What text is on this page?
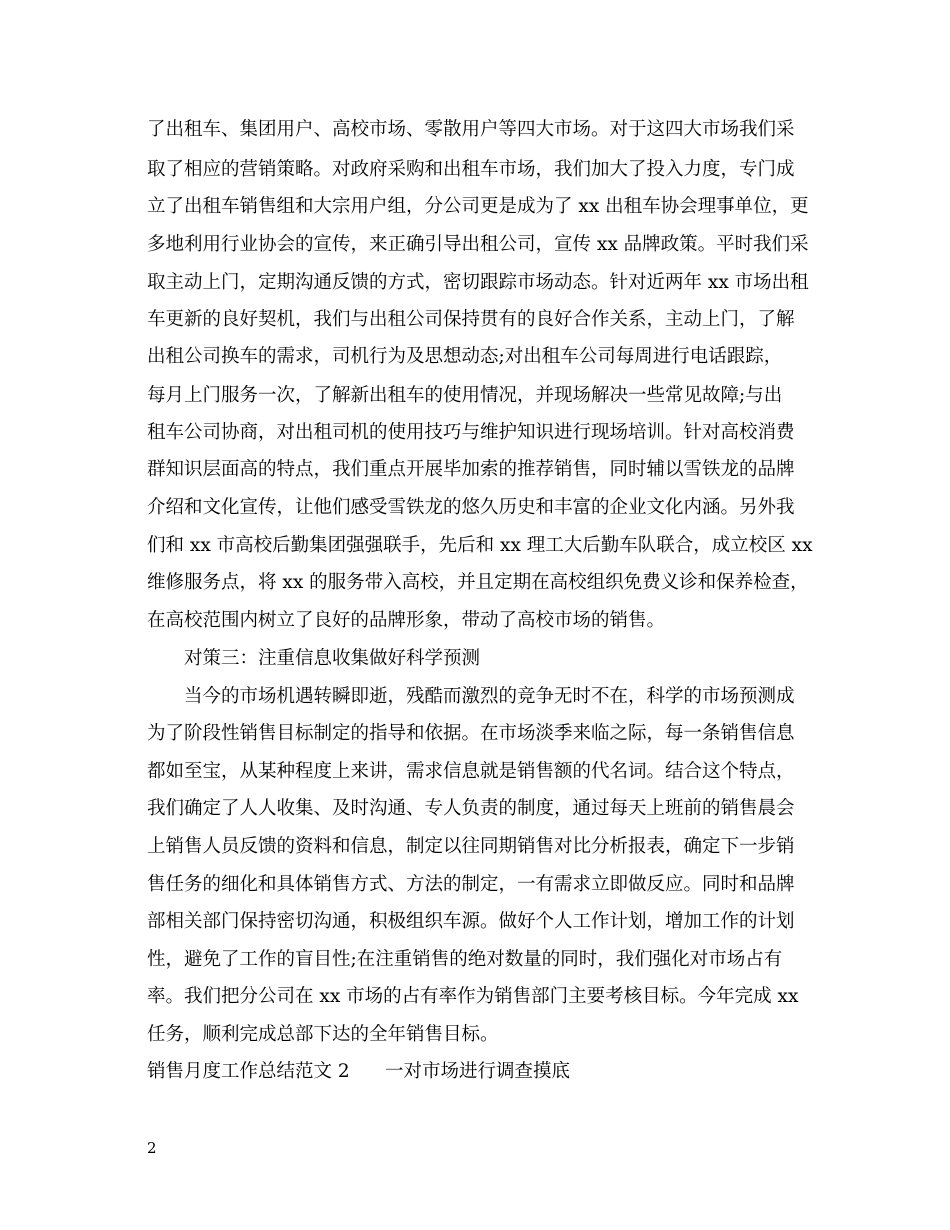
了出租车、集团用户、高校市场、零散用户等四大市场。对于这四大市场我们采
取了相应的营销策略。对政府采购和出租车市场，我们加大了投入力度，专门成
立了出租车销售组和大宗用户组，分公司更是成为了 xx 出租车协会理事单位，更
多地利用行业协会的宣传，来正确引导出租公司，宣传 xx 品牌政策。平时我们采
取主动上门，定期沟通反馈的方式，密切跟踪市场动态。针对近两年 xx 市场出租
车更新的良好契机，我们与出租公司保持贯有的良好合作关系，主动上门，了解
出租公司换车的需求，司机行为及思想动态;对出租车公司每周进行电话跟踪，
每月上门服务一次，了解新出租车的使用情况，并现场解决一些常见故障;与出
租车公司协商，对出租司机的使用技巧与维护知识进行现场培训。针对高校消费
群知识层面高的特点，我们重点开展毕加索的推荐销售，同时辅以雪铁龙的品牌
介绍和文化宣传，让他们感受雪铁龙的悠久历史和丰富的企业文化内涵。另外我
们和 xx 市高校后勤集团强强联手，先后和 xx 理工大后勤车队联合，成立校区 xx
维修服务点，将 xx 的服务带入高校，并且定期在高校组织免费义诊和保养检查，
在高校范围内树立了良好的品牌形象，带动了高校市场的销售。
对策三：注重信息收集做好科学预测
当今的市场机遇转瞬即逝，残酷而激烈的竞争无时不在，科学的市场预测成
为了阶段性销售目标制定的指导和依据。在市场淡季来临之际，每一条销售信息
都如至宝，从某种程度上来讲，需求信息就是销售额的代名词。结合这个特点，
我们确定了人人收集、及时沟通、专人负责的制度，通过每天上班前的销售晨会
上销售人员反馈的资料和信息，制定以往同期销售对比分析报表，确定下一步销
售任务的细化和具体销售方式、方法的制定，一有需求立即做反应。同时和品牌
部相关部门保持密切沟通，积极组织车源。做好个人工作计划，增加工作的计划
性，避免了工作的盲目性;在注重销售的绝对数量的同时，我们强化对市场占有
率。我们把分公司在 xx 市场的占有率作为销售部门主要考核目标。今年完成 xx
任务，顺利完成总部下达的全年销售目标。
销售月度工作总结范文 2 一对市场进行调查摸底
2
